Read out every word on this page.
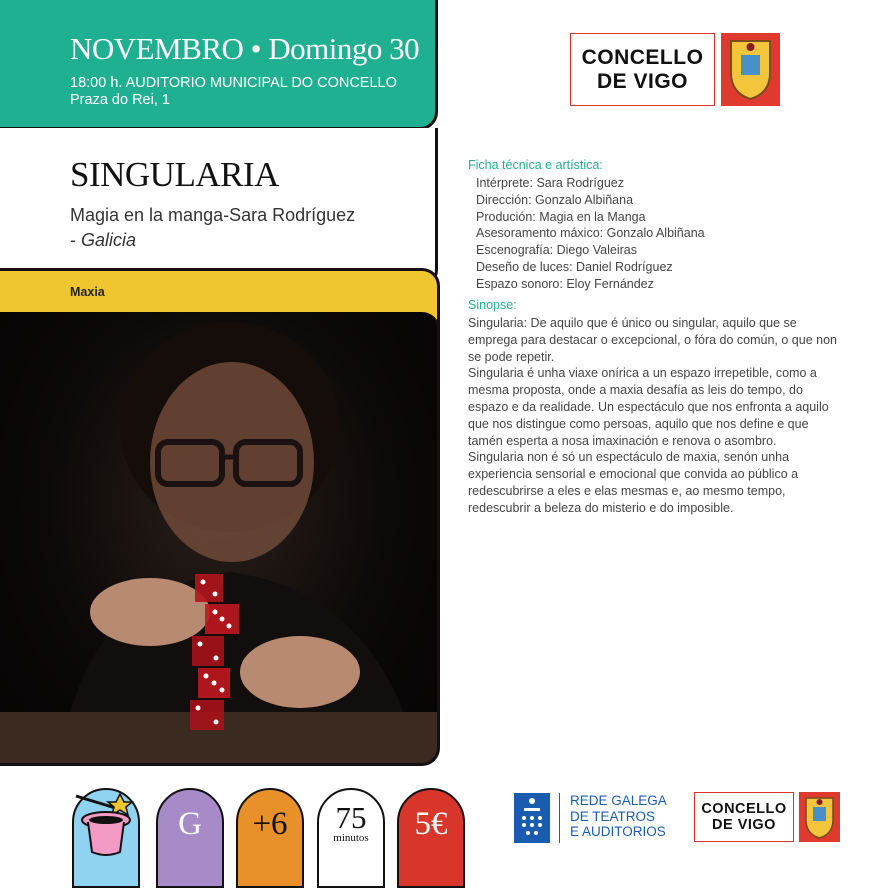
NOVEMBRO • Domingo 30
18:00 h. AUDITORIO MUNICIPAL DO CONCELLO
Praza do Rei, 1
SINGULARIA
Magia en la manga-Sara Rodríguez
- Galicia
Maxia
CONCELLO
DE VIGO
Ficha técnica e artística:
Intérprete: Sara Rodríguez
Dirección: Gonzalo Albiñana
Produción: Magia en la Manga
Asesoramento máxico: Gonzalo Albiñana
Escenografía: Diego Valeiras
Deseño de luces: Daniel Rodríguez
Espazo sonoro: Eloy Fernández
Sinopse:

Singularia: De aquilo que é único ou singular, aquilo que se emprega para destacar o excepcional, o fóra do común, o que non se pode repetir.

Singularia é unha viaxe onírica a un espazo irrepetible, como a mesma proposta, onde a maxia desafía as leis do tempo, do espazo e da realidade. Un espectáculo que nos enfronta a aquilo que nos distingue como persoas, aquilo que nos define e que tamén esperta a nosa imaxinación e renova o asombro.

Singularia non é só un espectáculo de maxia, senón unha experiencia sensorial e emocional que convida ao público a redescubrirse a eles e elas mesmas e, ao mesmo tempo, redescubrir a beleza do misterio e do imposible.

G +6 75
minutos 5€
REDE GALEGA
DE TEATROS
E AUDITORIOS
CONCELLO
DE VIGO
